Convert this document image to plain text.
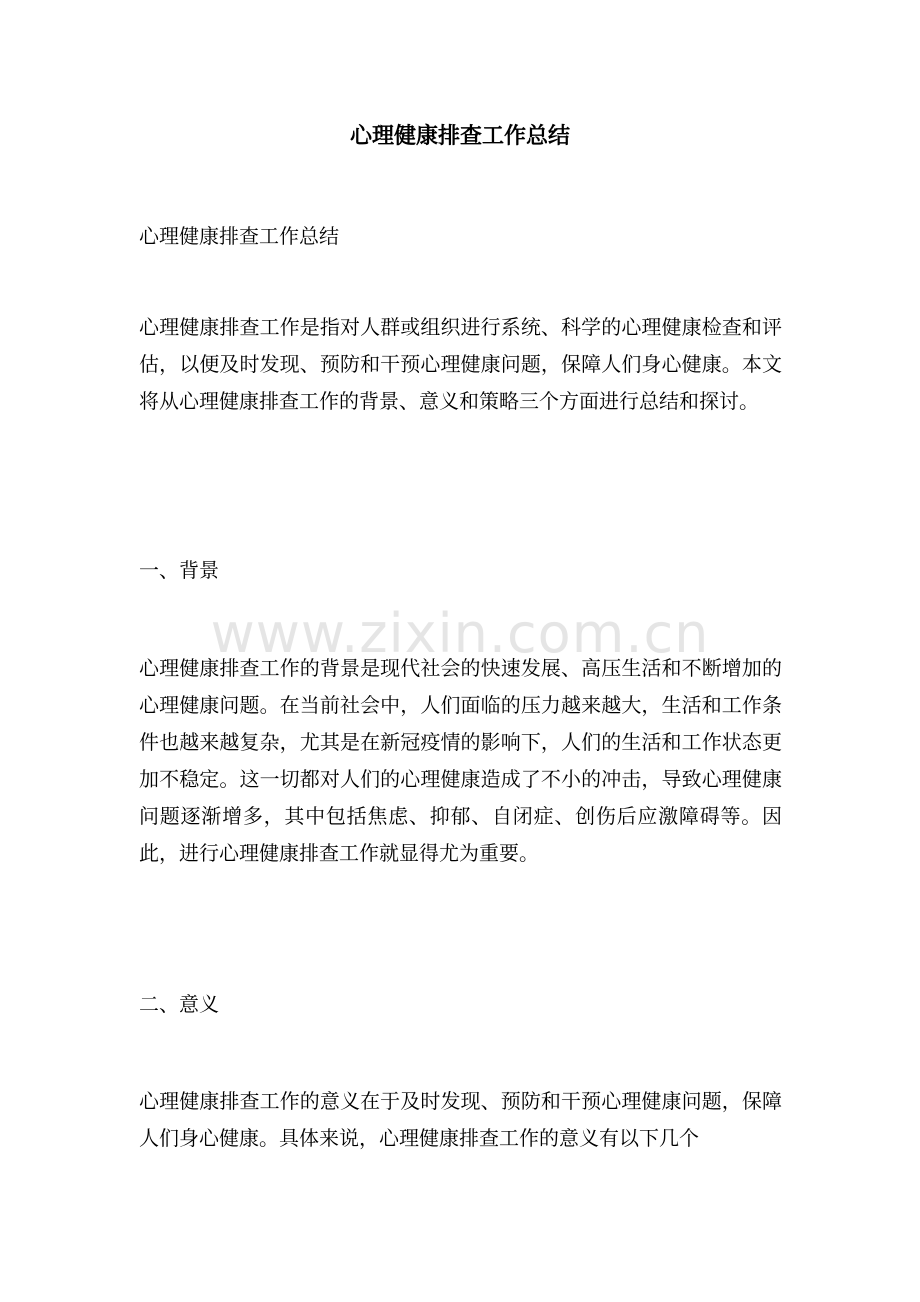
心理健康排查工作总结

心理健康排查工作总结

心理健康排查工作是指对人群或组织进行系统、科学的心理健康检查和评估，以便及时发现、预防和干预心理健康问题，保障人们身心健康。本文将从心理健康排查工作的背景、意义和策略三个方面进行总结和探讨。

一、背景

心理健康排查工作的背景是现代社会的快速发展、高压生活和不断增加的心理健康问题。在当前社会中，人们面临的压力越来越大，生活和工作条件也越来越复杂，尤其是在新冠疫情的影响下，人们的生活和工作状态更加不稳定。这一切都对人们的心理健康造成了不小的冲击，导致心理健康问题逐渐增多，其中包括焦虑、抑郁、自闭症、创伤后应激障碍等。因此，进行心理健康排查工作就显得尤为重要。

二、意义

心理健康排查工作的意义在于及时发现、预防和干预心理健康问题，保障人们身心健康。具体来说，心理健康排查工作的意义有以下几个

www.zixin.com.cn
